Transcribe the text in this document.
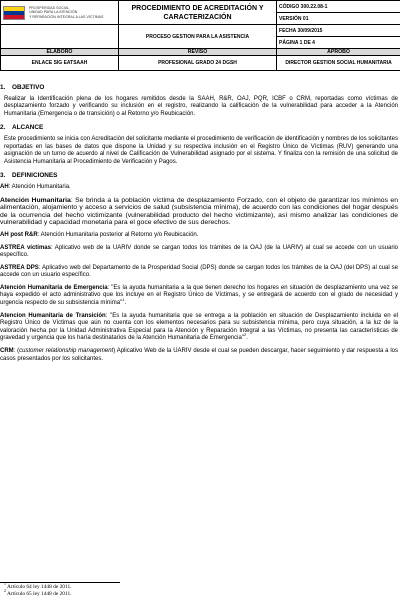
PROSPERIDAD SOCIAL
UNIDAD PARA LA ATENCIÓN
Y REPARACIÓN INTEGRAL A LAS VÍCTIMAS	PROCEDIMIENTO DE ACREDITACIÓN Y CARACTERIZACIÓN	CÓDIGO 300.22.08-1
		VERSIÓN 01
	PROCESO GESTION PARA LA ASISTENCIA	FECHA 30/09/2015
		PÁGINA 1 DE 4
ELABORÓ	REVISÓ	APROBÓ
ENLACE SIG EATSAAH	PROFESIONAL GRADO 24 DGSH	DIRECTOR GESTION SOCIAL HUMANITARIA
1. OBJETIVO
Realizar la Identificación plena de los hogares remitidos desde la SAAH, R&R, OAJ, PQR, ICBF o CRM, reportadas como víctimas de desplazamiento forzado y verificando su inclusión en el registro, realizando la calificación de la vulnerabilidad para acceder a la Atención Humanitaria (Emergencia o de transición) o al Retorno y/o Reubicación.
2. ALCANCE
Este procedimiento se inicia con Acreditación del solicitante mediante el procedimiento de verificación de identificación y nombres de los solicitantes reportadas en las bases de datos que dispone la Unidad y su respectiva inclusión en el Registro Único de Víctimas (RUV) generando una asignación de un turno de acuerdo al nivel de Calificación de Vulnerabilidad asignado por el sistema. Y finaliza con la remisión de una solicitud de Asistencia Humanitaria al Procedimiento de Verificación y Pagos.
3. DEFINICIONES
AH: Atención Humanitaria.
Atención Humanitaria: Se brinda a la población víctima de desplazamiento Forzado, con el objeto de garantizar los mínimos en alimentación, alojamiento y acceso a servicios de salud (subsistencia mínima), de acuerdo con las condiciones del hogar después de la ocurrencia del hecho victimizante (vulnerabilidad producto del hecho victimizante), así mismo analizar las condiciones de vulnerabilidad y capacidad monetaria para el goce efectivo de sus derechos.
AH post R&R: Atención Humanitaria posterior al Retorno y/o Reubicación.
ASTREA víctimas: Aplicativo web de la UARIV donde se cargan todos los trámites de la OAJ (de la UARIV) al cual se accede con un usuario específico.
ASTREA DPS: Aplicativo web del Departamento de la Prosperidad Social (DPS) donde se cargan todos los trámites de la OAJ (del DPS) al cual se accede con un usuario específico.
Atención Humanitaria de Emergencia: "Es la ayuda humanitaria a la que tienen derecho los hogares en situación de desplazamiento una vez se haya expedido el acto administrativo que los incluye en el Registro Único de Víctimas, y se entregará de acuerdo con el grado de necesidad y urgencia respecto de su subsistencia mínima"$^1$.
Atencion Humanitaria de Transición: "Es la ayuda humanitaria que se entrega a la población en situación de Desplazamiento incluida en el Registro Único de Víctimas que aún no cuenta con los elementos necesarios para su subsistencia mínima, pero cuya situación, a la luz de la valoración hecha por la Unidad Administrativa Especial para la Atención y Reparación Integral a las Víctimas, no presenta las características de gravedad y urgencia que los haría destinatarios de la Atención Humanitaria de Emergencia"$^2$.
CRM: (customer relationship management) Aplicativo Web de la UARIV desde el cual se pueden descargar, hacer seguimiento y dar respuesta a los casos presentados por los solicitantes.
$^1$ Artículo 64 ley 1448 de 2011.
$^2$ Artículo 65 ley 1448 de 2011.
